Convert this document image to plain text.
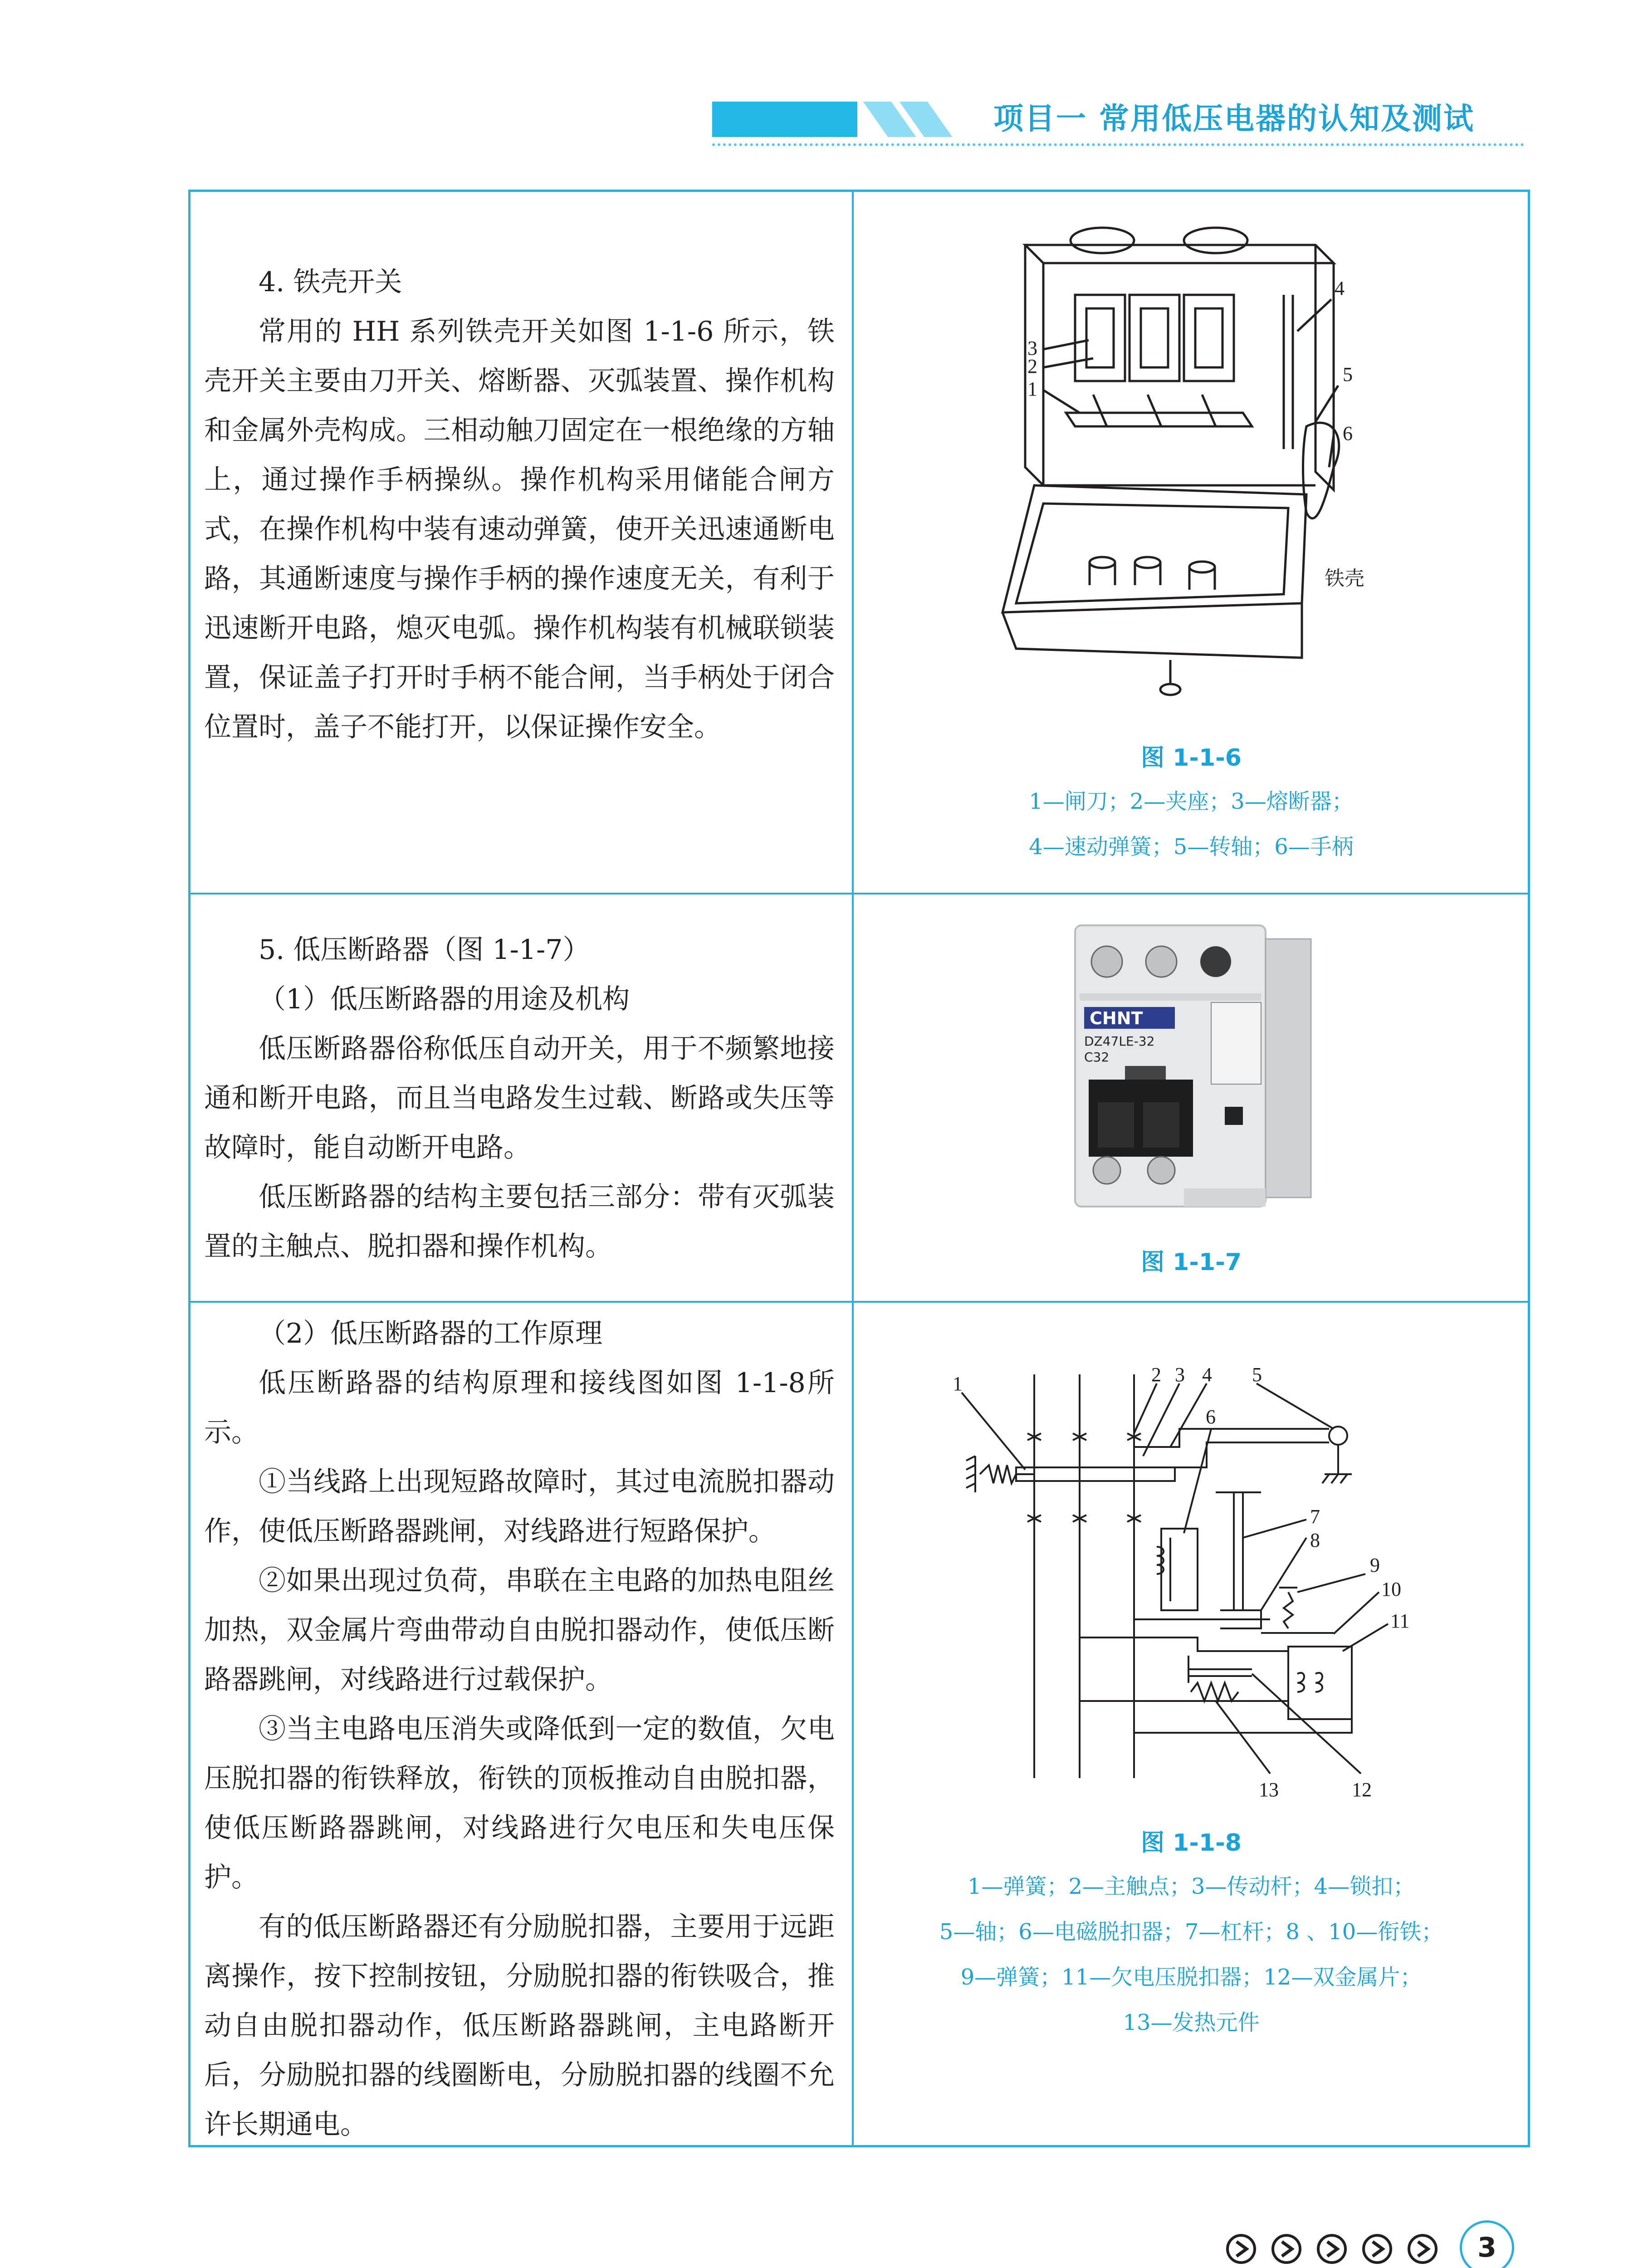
项目一 常用低压电器的认知及测试

4. 铁壳开关

常用的 HH 系列铁壳开关如图 1-1-6 所示，铁壳开关主要由刀开关、熔断器、灭弧装置、操作机构和金属外壳构成。三相动触刀固定在一根绝缘的方轴上，通过操作手柄操纵。操作机构采用储能合闸方式，在操作机构中装有速动弹簧，使开关迅速通断电路，其通断速度与操作手柄的操作速度无关，有利于迅速断开电路，熄灭电弧。操作机构装有机械联锁装置，保证盖子打开时手柄不能合闸，当手柄处于闭合位置时，盖子不能打开，以保证操作安全。

3
2
1
4
5
6
铁壳
图 1-1-6
1—闸刀；2—夹座；3—熔断器；
4—速动弹簧；5—转轴；6—手柄

5. 低压断路器（图 1-1-7）

（1）低压断路器的用途及机构

低压断路器俗称低压自动开关，用于不频繁地接通和断开电路，而且当电路发生过载、断路或失压等故障时，能自动断开电路。

低压断路器的结构主要包括三部分：带有灭弧装置的主触点、脱扣器和操作机构。

CHNT
DZ47LE-32
C32
图 1-1-7

（2）低压断路器的工作原理

低压断路器的结构原理和接线图如图 1-1-8所示。

①当线路上出现短路故障时，其过电流脱扣器动作，使低压断路器跳闸，对线路进行短路保护。

②如果出现过负荷，串联在主电路的加热电阻丝加热，双金属片弯曲带动自由脱扣器动作，使低压断路器跳闸，对线路进行过载保护。

③当主电路电压消失或降低到一定的数值，欠电压脱扣器的衔铁释放，衔铁的顶板推动自由脱扣器，使低压断路器跳闸，对线路进行欠电压和失电压保护。

有的低压断路器还有分励脱扣器，主要用于远距离操作，按下控制按钮，分励脱扣器的衔铁吸合，推动自由脱扣器动作，低压断路器跳闸，主电路断开后，分励脱扣器的线圈断电，分励脱扣器的线圈不允许长期通电。

1	2 3 4 5
6
7
8
9
10
11
12
13
图 1-1-8
1—弹簧；2—主触点；3—传动杆；4—锁扣；
5—轴；6—电磁脱扣器；7—杠杆；8 、10—衔铁；
9—弹簧；11—欠电压脱扣器；12—双金属片；
13—发热元件
3
